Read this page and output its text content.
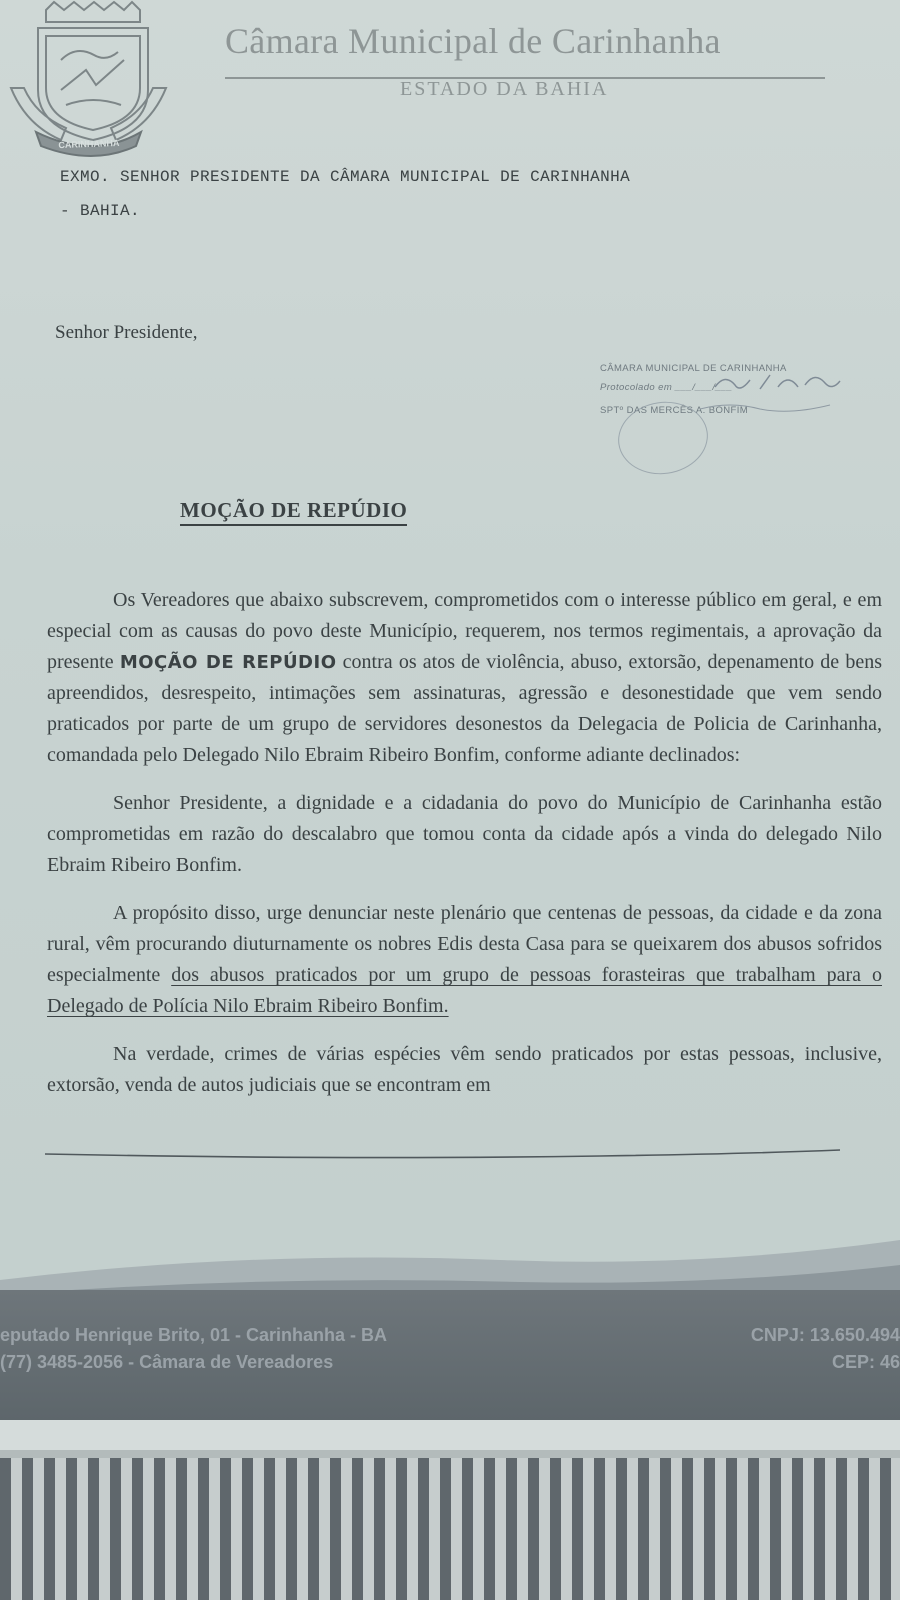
CARINHANHA
Câmara Municipal de Carinhanha
ESTADO DA BAHIA
EXMO. SENHOR PRESIDENTE DA CÂMARA MUNICIPAL DE CARINHANHA
- BAHIA.

Senhor Presidente,

CÂMARA MUNICIPAL DE CARINHANHA
Protocolado em ___/___/___
SPTº DAS MERCÊS A. BONFIM
MOÇÃO DE REPÚDIO

Os Vereadores que abaixo subscrevem, comprometidos com o interesse público em geral, e em especial com as causas do povo deste Município, requerem, nos termos regimentais, a aprovação da presente MOÇÃO DE REPÚDIO contra os atos de violência, abuso, extorsão, depenamento de bens apreendidos, desrespeito, intimações sem assinaturas, agressão e desonestidade que vem sendo praticados por parte de um grupo de servidores desonestos da Delegacia de Policia de Carinhanha, comandada pelo Delegado Nilo Ebraim Ribeiro Bonfim, conforme adiante declinados:

Senhor Presidente, a dignidade e a cidadania do povo do Município de Carinhanha estão comprometidas em razão do descalabro que tomou conta da cidade após a vinda do delegado Nilo Ebraim Ribeiro Bonfim.

A propósito disso, urge denunciar neste plenário que centenas de pessoas, da cidade e da zona rural, vêm procurando diuturnamente os nobres Edis desta Casa para se queixarem dos abusos sofridos especialmente dos abusos praticados por um grupo de pessoas forasteiras que trabalham para o Delegado de Polícia Nilo Ebraim Ribeiro Bonfim.

Na verdade, crimes de várias espécies vêm sendo praticados por estas pessoas, inclusive, extorsão, venda de autos judiciais que se encontram em

eputado Henrique Brito, 01 - Carinhanha - BA
(77) 3485-2056 - Câmara de Vereadores
CNPJ: 13.650.494
CEP: 46
